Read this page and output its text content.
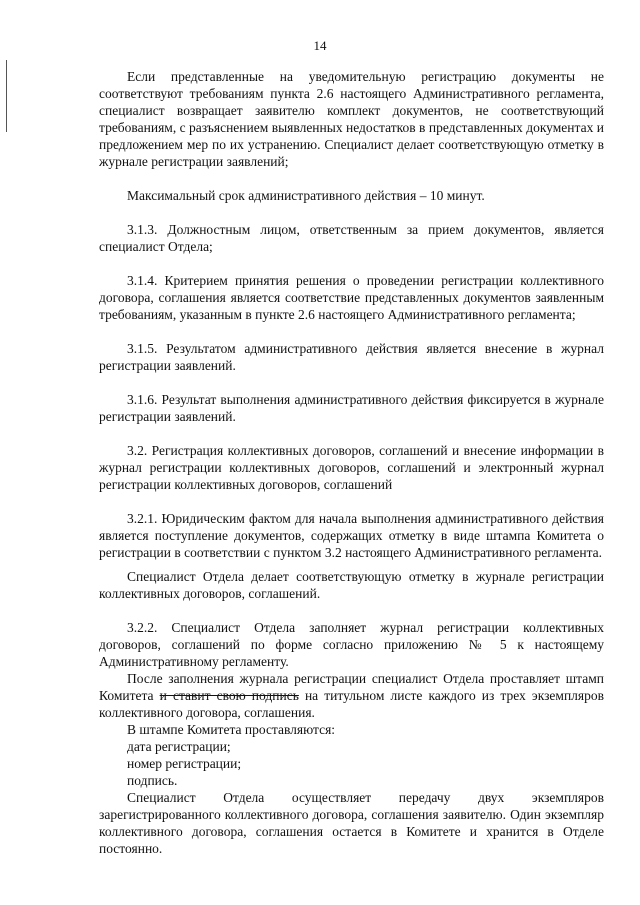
14

Если представленные на уведомительную регистрацию документы не соответствуют требованиям пункта 2.6 настоящего Административного регламента, специалист возвращает заявителю комплект документов, не соответствующий требованиям, с разъяснением выявленных недостатков в представленных документах и предложением мер по их устранению. Специалист делает соответствующую отметку в журнале регистрации заявлений;

Максимальный срок административного действия – 10 минут.

3.1.3. Должностным лицом, ответственным за прием документов, является специалист Отдела;

3.1.4. Критерием принятия решения о проведении регистрации коллективного договора, соглашения является соответствие представленных документов заявленным требованиям, указанным в пункте 2.6 настоящего Административного регламента;

3.1.5. Результатом административного действия является внесение в журнал регистрации заявлений.

3.1.6. Результат выполнения административного действия фиксируется в журнале регистрации заявлений.

3.2. Регистрация коллективных договоров, соглашений и внесение информации в журнал регистрации коллективных договоров, соглашений и электронный журнал регистрации коллективных договоров, соглашений

3.2.1. Юридическим фактом для начала выполнения административного действия является поступление документов, содержащих отметку в виде штампа Комитета о регистрации в соответствии с пунктом 3.2 настоящего Административного регламента.

Специалист Отдела делает соответствующую отметку в журнале регистрации коллективных договоров, соглашений.

3.2.2. Специалист Отдела заполняет журнал регистрации коллективных договоров, соглашений по форме согласно приложению № 5 к настоящему Административному регламенту.

После заполнения журнала регистрации специалист Отдела проставляет штамп Комитета и ставит свою подпись на титульном листе каждого из трех экземпляров коллективного договора, соглашения.

В штампе Комитета проставляются:

дата регистрации;

номер регистрации;

подпись.

Специалист Отдела осуществляет передачу двух экземпляров зарегистрированного коллективного договора, соглашения заявителю. Один экземпляр коллективного договора, соглашения остается в Комитете и хранится в Отделе постоянно.
